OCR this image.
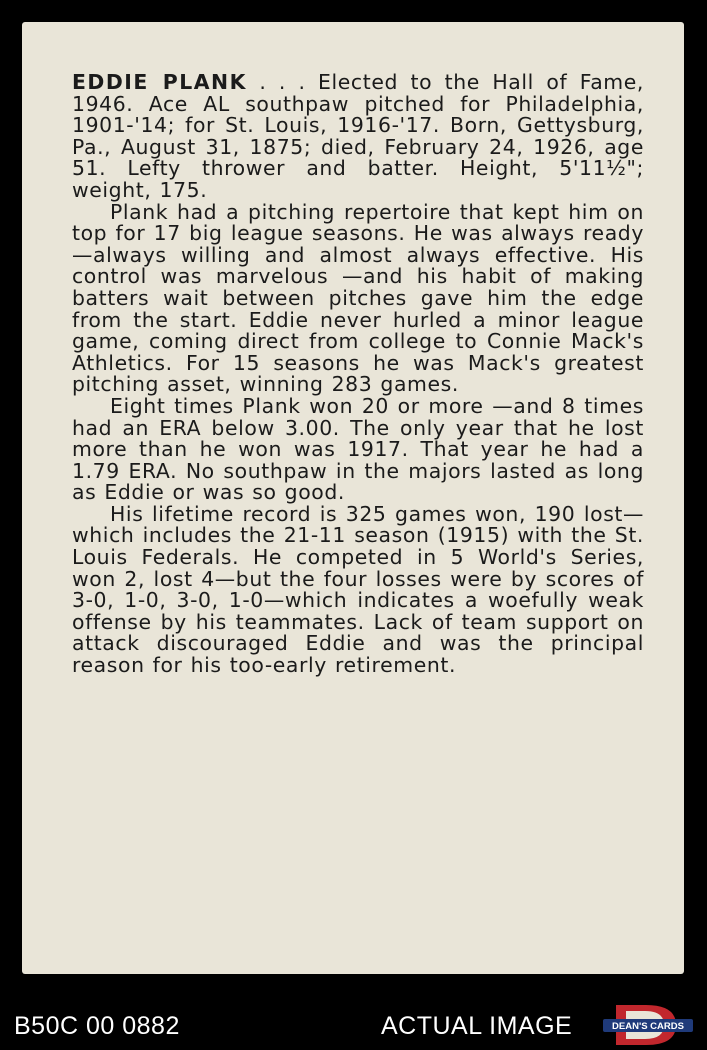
EDDIE PLANK . . . Elected to the Hall of Fame, 1946. Ace AL southpaw pitched for Philadelphia, 1901-'14; for St. Louis, 1916-'17. Born, Gettysburg, Pa., August 31, 1875; died, February 24, 1926, age 51. Lefty thrower and batter. Height, 5'11½"; weight, 175.

Plank had a pitching repertoire that kept him on top for 17 big league seasons. He was always ready —always willing and almost always effective. His control was marvelous —and his habit of making batters wait between pitches gave him the edge from the start. Eddie never hurled a minor league game, coming direct from college to Connie Mack's Athletics. For 15 seasons he was Mack's greatest pitching asset, winning 283 games.

Eight times Plank won 20 or more —and 8 times had an ERA below 3.00. The only year that he lost more than he won was 1917. That year he had a 1.79 ERA. No southpaw in the majors lasted as long as Eddie or was so good.

His lifetime record is 325 games won, 190 lost—which includes the 21-11 season (1915) with the St. Louis Federals. He competed in 5 World's Series, won 2, lost 4—but the four losses were by scores of 3-0, 1-0, 3-0, 1-0—which indicates a woefully weak offense by his teammates. Lack of team support on attack discouraged Eddie and was the principal reason for his too-early retirement.

B50C 00 0882	ACTUAL IMAGE	DEAN'S CARDS
